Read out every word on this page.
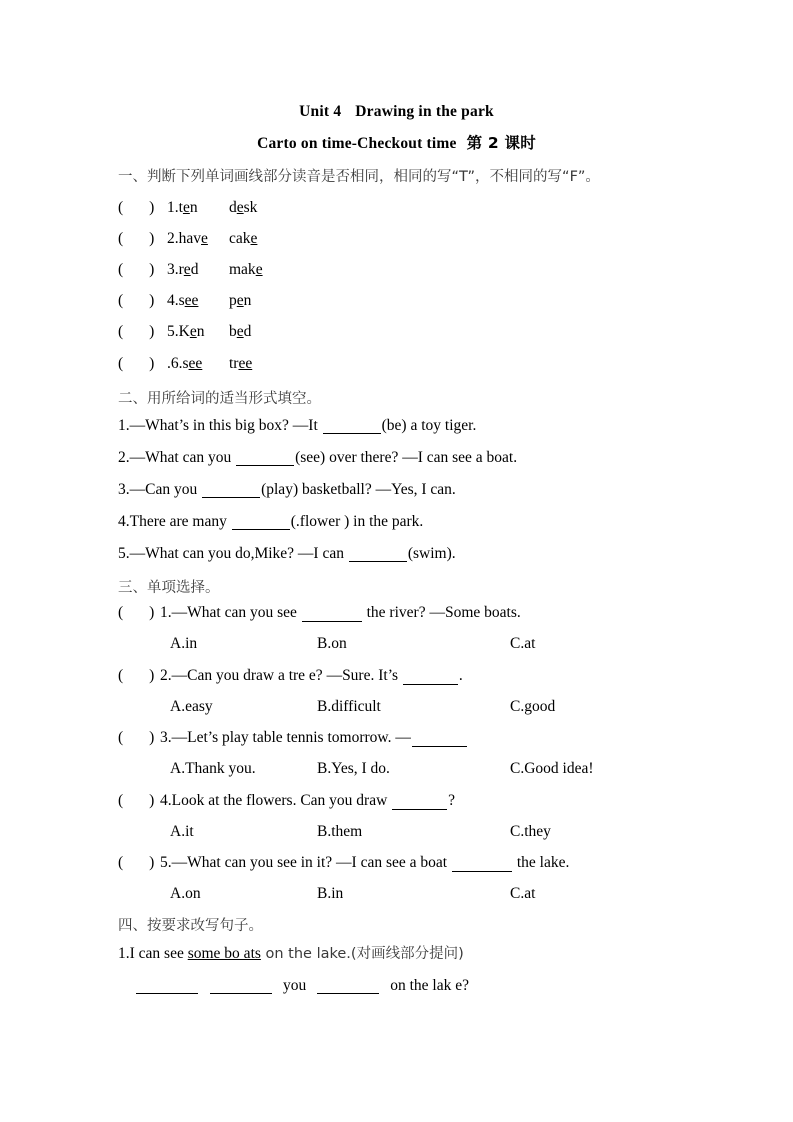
Unit 4 Drawing in the park
Carto on time-Checkout time 第 2 课时
一、判断下列单词画线部分读音是否相同，相同的写“T”，不相同的写“F”。
( ) 1.ten desk
( ) 2.have cake
( ) 3.red make
( ) 4.see pen
( ) 5.Ken bed
( ) .6.see tree
二、用所给词的适当形式填空。
1.—What’s in this big box? —It	(be) a toy tiger.
2.—What can you	(see) over there? —I can see a boat.
3.—Can you	(play) basketball? —Yes, I can.
4.There are many	(.flower ) in the park.
5.—What can you do,Mike? —I can	(swim).
三、单项选择。
( ) 1.—What can you see	the river? —Some boats.
A.in	B.on	C.at
( ) 2.—Can you draw a tre e? —Sure. It’s	.
A.easy	B.difficult	C.good
( ) 3.—Let’s play table tennis tomorrow. —
A.Thank you.	B.Yes, I do.	C.Good idea!
( ) 4.Look at the flowers. Can you draw	?
A.it	B.them	C.they
( ) 5.—What can you see in it? —I can see a boat	the lake.
A.on	B.in	C.at
四、按要求改写句子。
1.I can see some bo ats on the lake.(对画线部分提问)
you	on the lak e?
